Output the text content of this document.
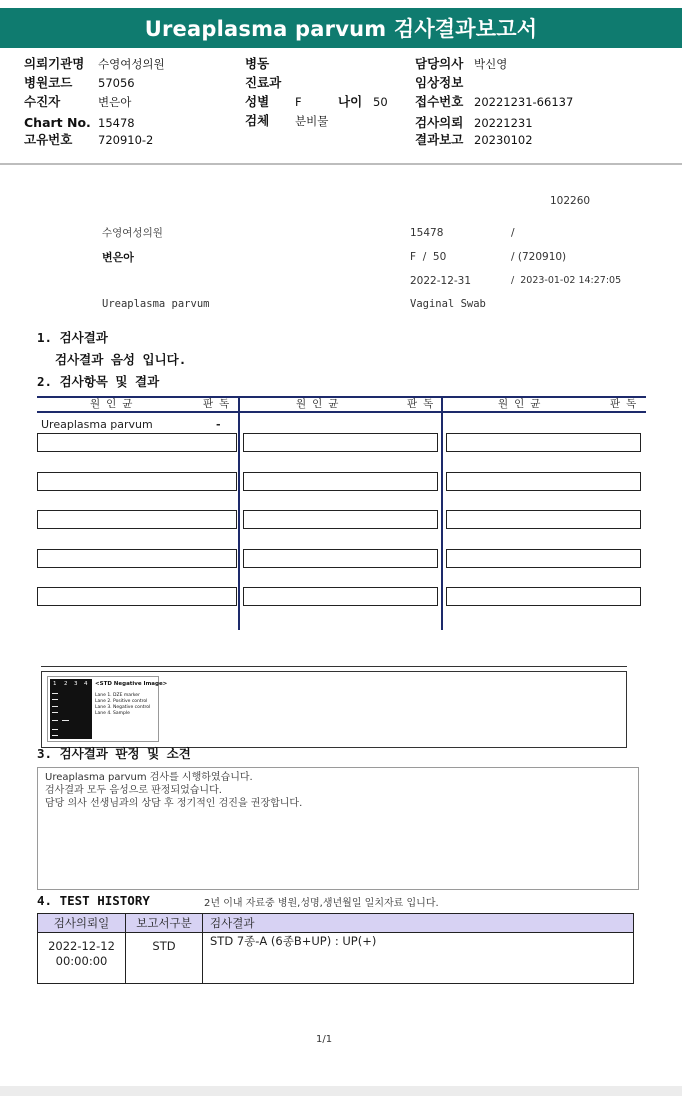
Ureaplasma parvum 검사결과보고서
의뢰기관명 수영여성의원
병원코드 57056
수진자	변은아
Chart No. 15478
고유번호 720910-2
병동
진료과
성별 F	나이 50
검체 분비물
담당의사 박신영
임상정보
접수번호 20221231-66137
검사의뢰 20221231
결과보고 20230102
102260
수영여성의원	15478	/
변은아	F  /  50	/ (720910)
2022-12-31	/  2023-01-02 14:27:05
Ureaplasma parvum	Vaginal Swab
1. 검사결과
검사결과 음성 입니다.
2. 검사항목 및 결과
원인균	판독	원인균	판독	원인균	판독
Ureaplasma parvum	-
1 2 3 4 <STD Negative Image>
Lane 1. DZE marker
Lane 2. Positive control
Lane 3. Negative control
Lane 4. Sample
3. 검사결과 판정 및 소견
Ureaplasma parvum 검사를 시행하였습니다.
검사결과 모두 음성으로 판정되었습니다.
담당 의사 선생님과의 상담 후 정기적인 검진을 권장합니다.
4. TEST HISTORY	2년 이내 자료중 병원,성명,생년월일 일치자료 입니다.
검사의뢰일	보고서구분	검사결과
2022-12-12
00:00:00
STD	STD 7종-A (6종B+UP) : UP(+)
1/1
